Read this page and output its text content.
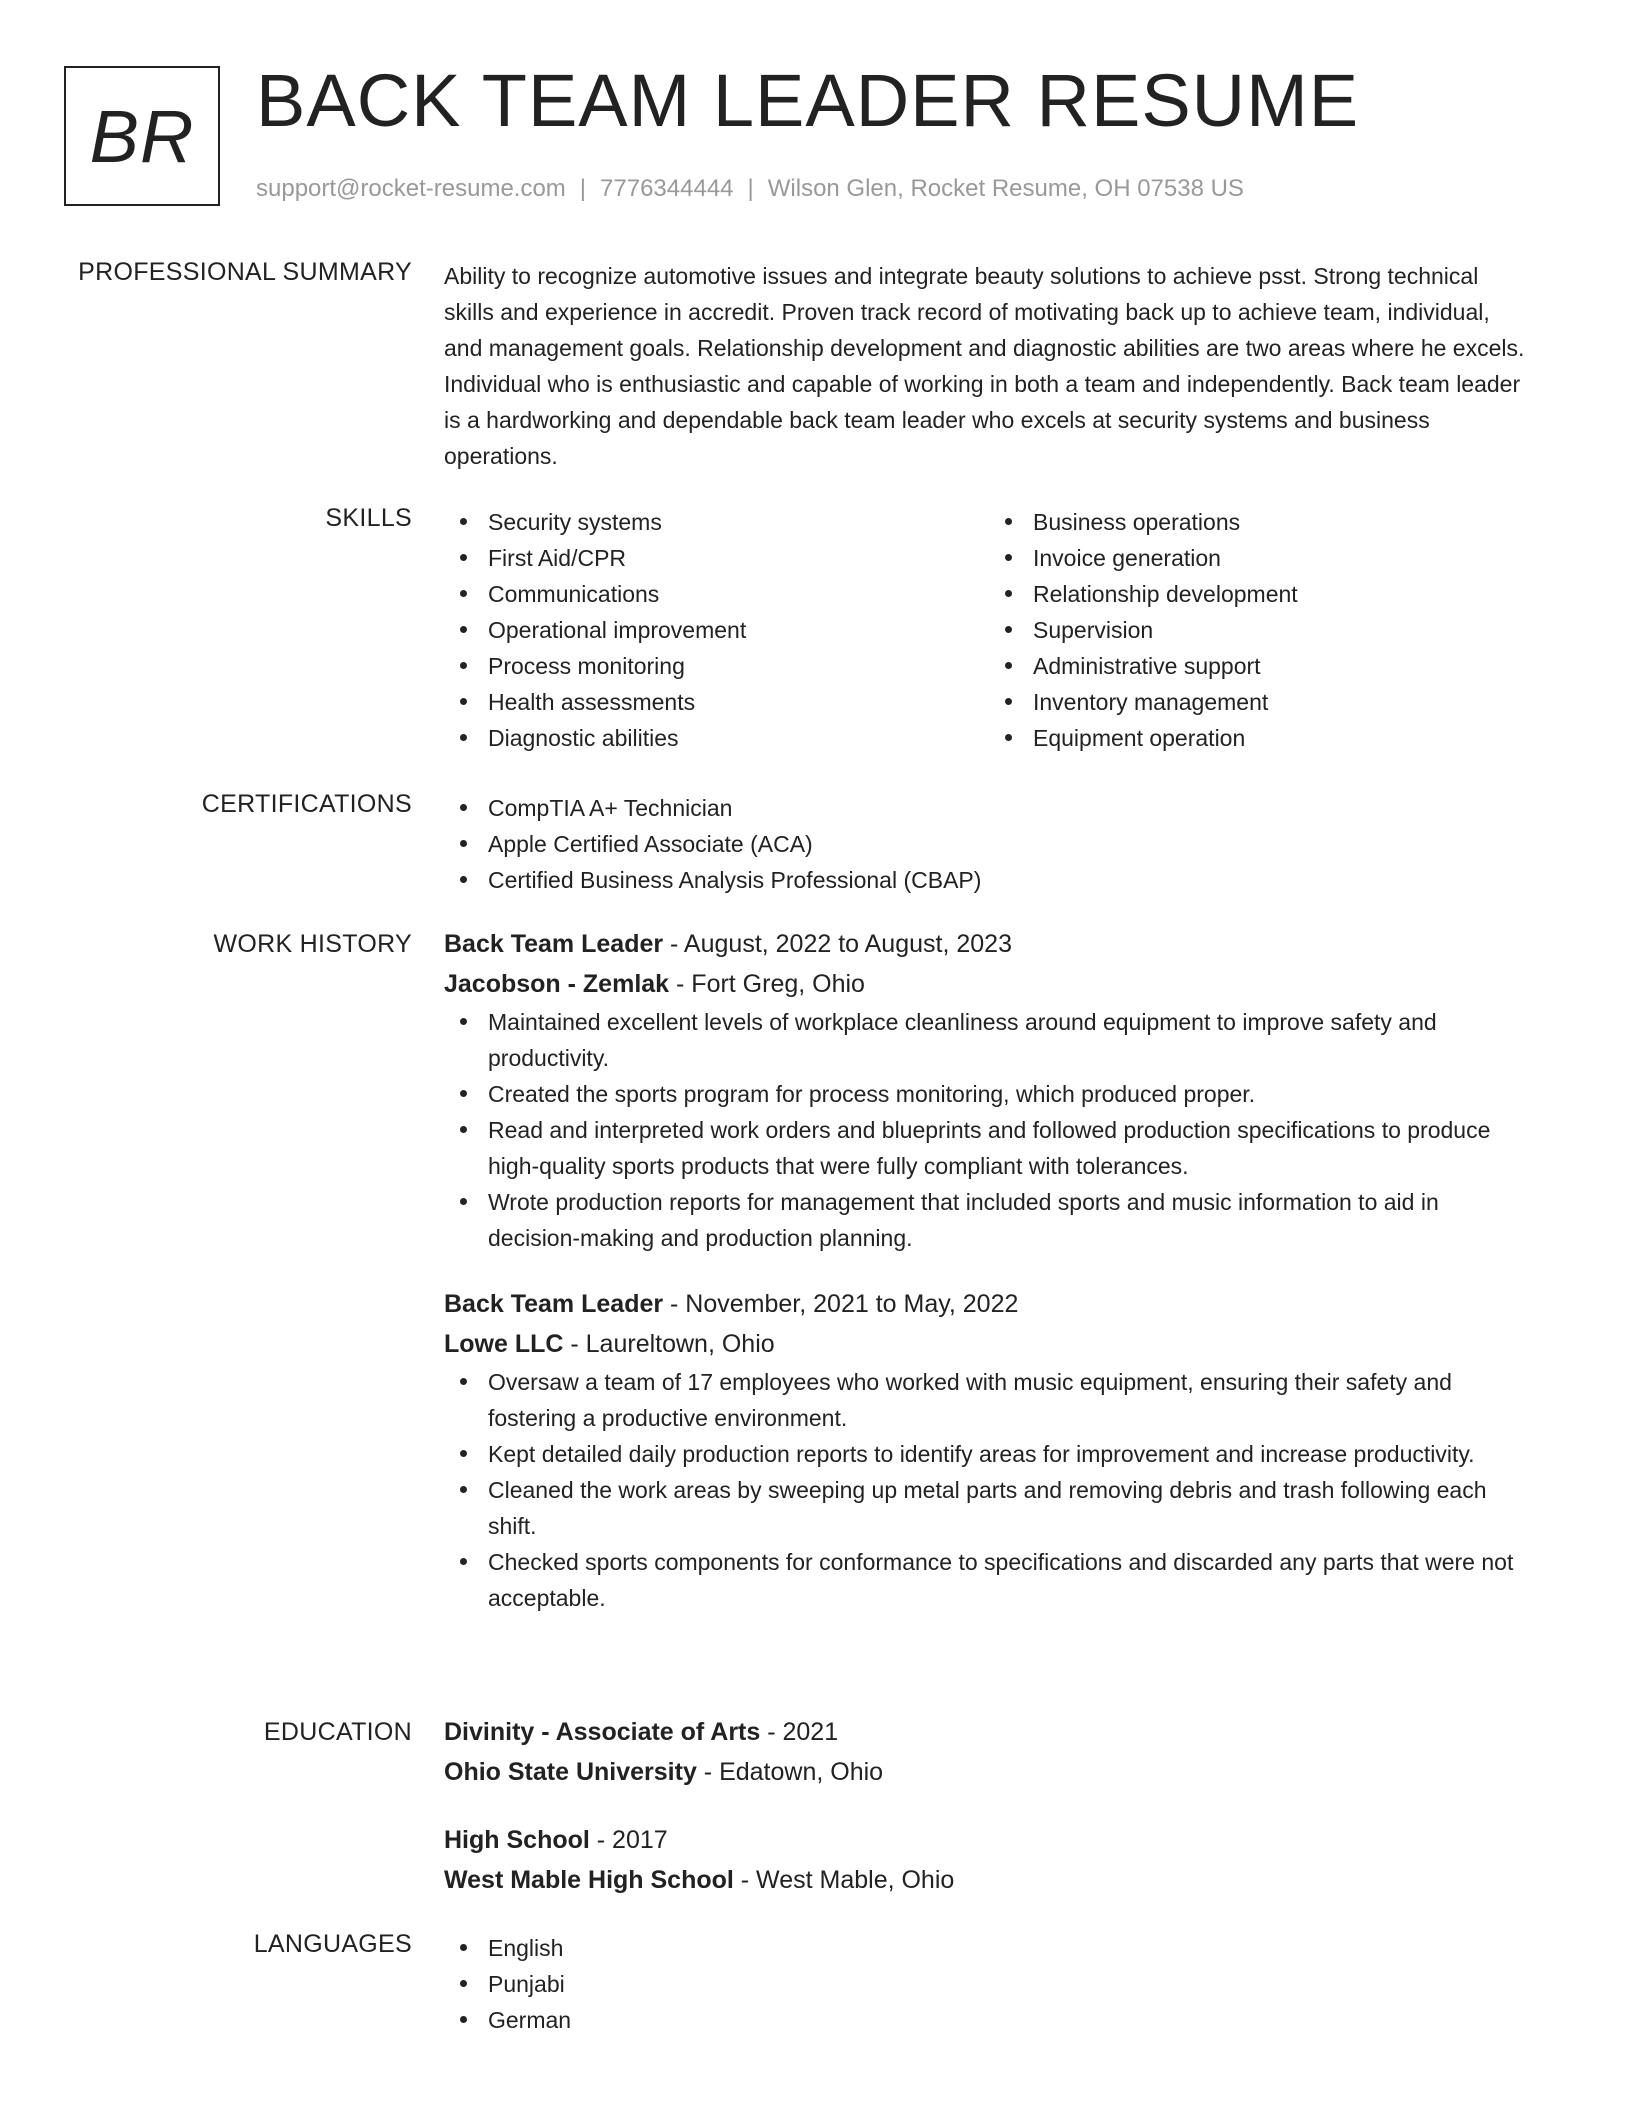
BR BACK TEAM LEADER RESUME
support@rocket-resume.com | 7776344444 | Wilson Glen, Rocket Resume, OH 07538 US
PROFESSIONAL SUMMARY Ability to recognize automotive issues and integrate beauty solutions to achieve psst. Strong technical skills and experience in accredit. Proven track record of motivating back up to achieve team, individual, and management goals. Relationship development and diagnostic abilities are two areas where he excels. Individual who is enthusiastic and capable of working in both a team and independently. Back team leader is a hardworking and dependable back team leader who excels at security systems and business operations.

SKILLS	Security systems
First Aid/CPR
Communications
Operational improvement
Process monitoring
Health assessments
Diagnostic abilities
Business operations
Invoice generation
Relationship development
Supervision
Administrative support
Inventory management
Equipment operation
CERTIFICATIONS	CompTIA A+ Technician
Apple Certified Associate (ACA)
Certified Business Analysis Professional (CBAP)
WORK HISTORY Back Team Leader - August, 2022 to August, 2023
Jacobson - Zemlak - Fort Greg, Ohio
Maintained excellent levels of workplace cleanliness around equipment to improve safety and productivity.
Created the sports program for process monitoring, which produced proper.
Read and interpreted work orders and blueprints and followed production specifications to produce high-quality sports products that were fully compliant with tolerances.
Wrote production reports for management that included sports and music information to aid in decision-making and production planning.
Back Team Leader - November, 2021 to May, 2022
Lowe LLC - Laureltown, Ohio
Oversaw a team of 17 employees who worked with music equipment, ensuring their safety and fostering a productive environment.
Kept detailed daily production reports to identify areas for improvement and increase productivity.
Cleaned the work areas by sweeping up metal parts and removing debris and trash following each shift.
Checked sports components for conformance to specifications and discarded any parts that were not acceptable.
EDUCATION Divinity - Associate of Arts - 2021
Ohio State University - Edatown, Ohio
High School - 2017
West Mable High School - West Mable, Ohio
LANGUAGES	English
Punjabi
German
